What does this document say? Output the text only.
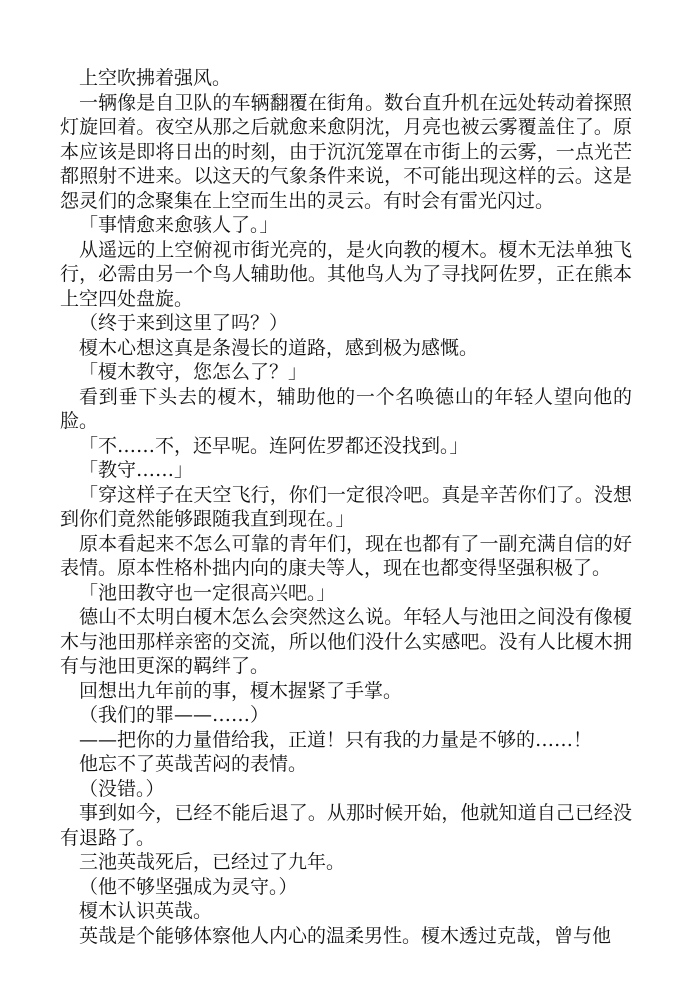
上空吹拂着强风。

一辆像是自卫队的车辆翻覆在街角。数台直升机在远处转动着探照灯旋回着。夜空从那之后就愈来愈阴沈，月亮也被云雾覆盖住了。原本应该是即将日出的时刻，由于沉沉笼罩在市街上的云雾，一点光芒都照射不进来。以这天的气象条件来说，不可能出现这样的云。这是怨灵们的念聚集在上空而生出的灵云。有时会有雷光闪过。

「事情愈来愈骇人了。」

从遥远的上空俯视市街光亮的，是火向教的榎木。榎木无法单独飞行，必需由另一个鸟人辅助他。其他鸟人为了寻找阿佐罗，正在熊本上空四处盘旋。

（终于来到这里了吗？）

榎木心想这真是条漫长的道路，感到极为感慨。

「榎木教守，您怎么了？」

看到垂下头去的榎木，辅助他的一个名唤德山的年轻人望向他的脸。

「不……不，还早呢。连阿佐罗都还没找到。」

「教守……」

「穿这样子在天空飞行，你们一定很冷吧。真是辛苦你们了。没想到你们竟然能够跟随我直到现在。」

原本看起来不怎么可靠的青年们，现在也都有了一副充满自信的好表情。原本性格朴拙内向的康夫等人，现在也都变得坚强积极了。

「池田教守也一定很高兴吧。」

德山不太明白榎木怎么会突然这么说。年轻人与池田之间没有像榎木与池田那样亲密的交流，所以他们没什么实感吧。没有人比榎木拥有与池田更深的羁绊了。

回想出九年前的事，榎木握紧了手掌。

（我们的罪——……）

——把你的力量借给我，正道！只有我的力量是不够的……！

他忘不了英哉苦闷的表情。

（没错。）

事到如今，已经不能后退了。从那时候开始，他就知道自己已经没有退路了。

三池英哉死后，已经过了九年。

（他不够坚强成为灵守。）

榎木认识英哉。

英哉是个能够体察他人内心的温柔男性。榎木透过克哉，曾与他
